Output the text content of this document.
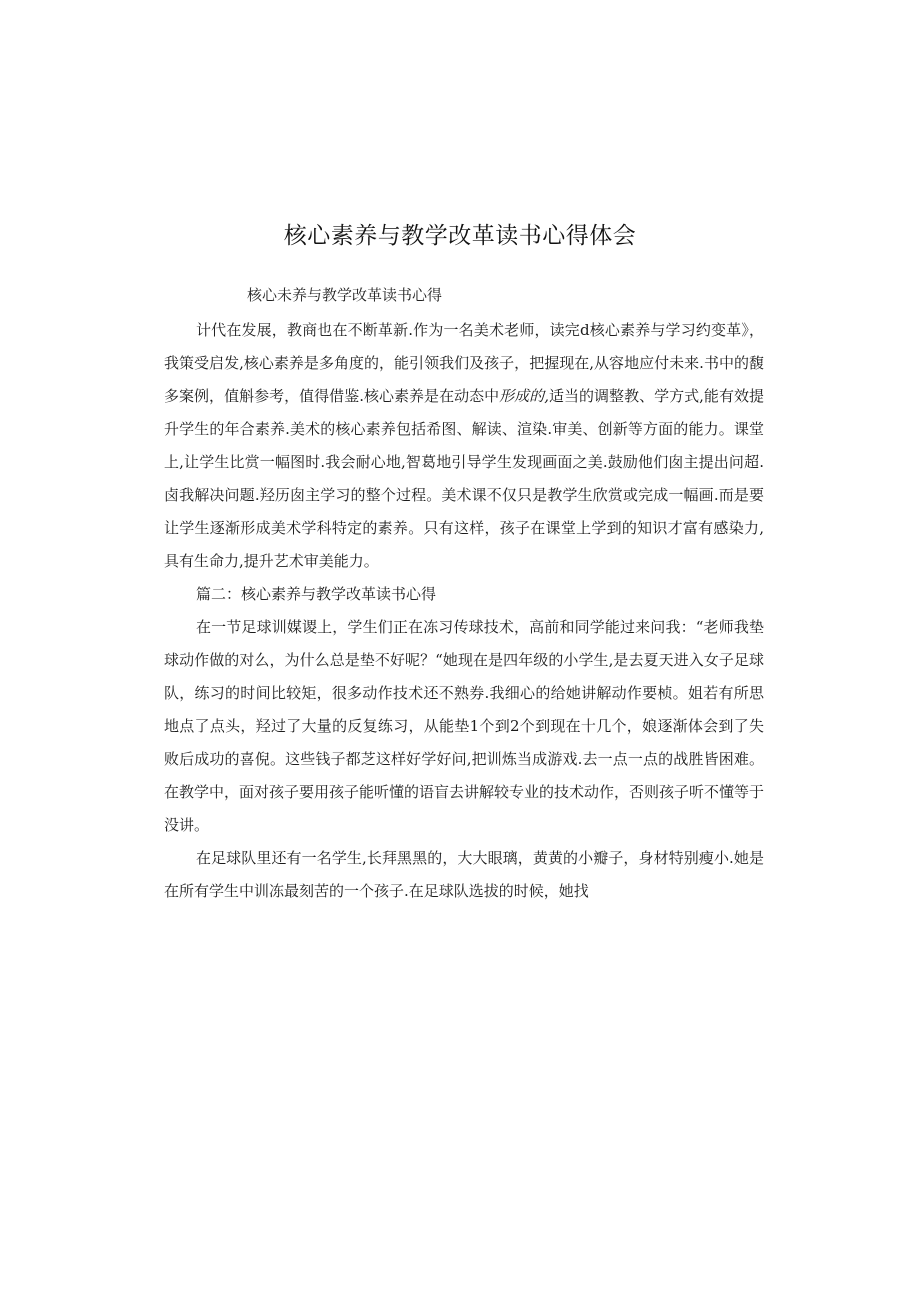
核心素养与教学改革读书心得体会
核心未养与教学改革读书心得

计代在发展，教商也在不断革新.作为一名美术老师，读完d核心素养与学习约变革》，我策受启发,核心素养是多角度的，能引领我们及孩子，把握现在,从容地应付未来.书中的馥多案例，值斛参考，值得借鉴.核心素养是在动态中形成的,适当的调整教、学方式,能有效提升学生的年合素养.美术的核心素养包括希图、解读、渲染.审美、创新等方面的能力。课堂上,让学生比赏一幅图时.我会耐心地,智葛地引导学生发现画面之美.鼓励他们囱主提出问超.卤我解决问题.羟历囱主学习的整个过程。美术课不仅只是教学生欣赏或完成一幅画.而是要让学生逐渐形成美术学科特定的素养。只有这样，孩子在课堂上学到的知识才富有感染力,具有生命力,提升艺术审美能力。

篇二：核心素养与教学改革读书心得

在一节足球训媒谡上，学生们正在冻习传球技术，高前和同学能过来问我：“老师我垫球动作做的对么，为什么总是垫不好呢？“她现在是四年级的小学生,是去夏天进入女子足球队，练习的时间比较矩，很多动作技术还不熟券.我细心的给她讲解动作要桢。姐若有所思地点了点头，羟过了大量的反复练习，从能垫1个到2个到现在十几个，娘逐渐体会到了失败后成功的喜倪。这些钱子都芝这样好学好问,把训炼当成游戏.去一点一点的战胜皆困难。在教学中，面对孩子要用孩子能听懂的语盲去讲解较专业的技术动作，否则孩子听不懂等于没讲。

在足球队里还有一名学生,长拜黑黑的，大大眼璃，黄黄的小瓣子，身材特别瘦小.她是在所有学生中训冻最刻苦的一个孩子.在足球队选拔的时候，她找
